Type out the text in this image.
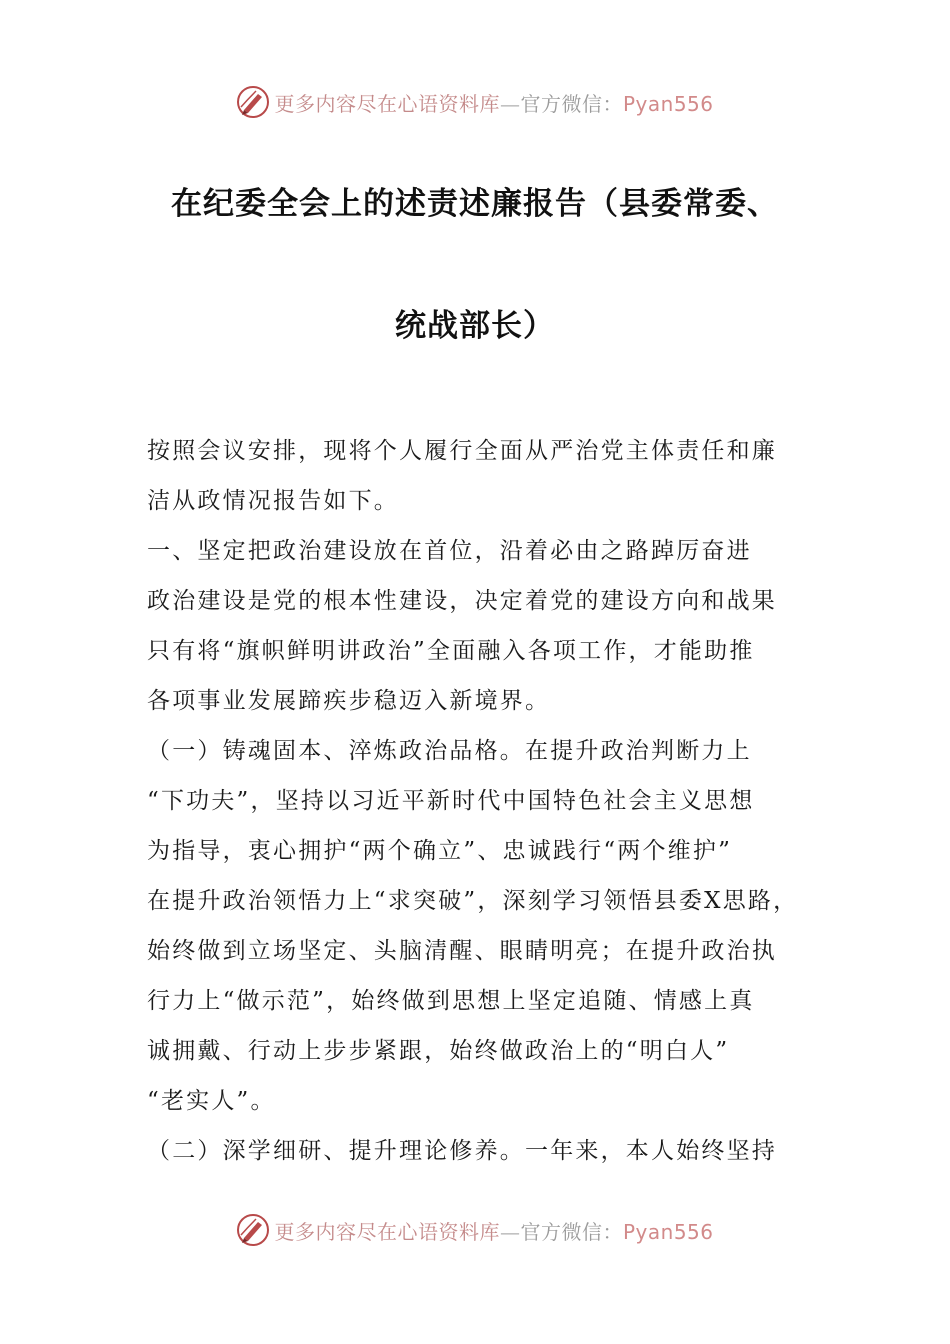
更多内容尽在心语资料库—官方微信：Pyan556
在纪委全会上的述责述廉报告（县委常委、
统战部长）
按照会议安排，现将个人履行全面从严治党主体责任和廉
洁从政情况报告如下。
一、坚定把政治建设放在首位，沿着必由之路踔厉奋进
政治建设是党的根本性建设，决定着党的建设方向和战果
只有将“旗帜鲜明讲政治”全面融入各项工作，才能助推
各项事业发展蹄疾步稳迈入新境界。
（一）铸魂固本、淬炼政治品格。在提升政治判断力上
“下功夫”，坚持以习近平新时代中国特色社会主义思想
为指导，衷心拥护“两个确立”、忠诚践行“两个维护”
在提升政治领悟力上“求突破”，深刻学习领悟县委X思路，
始终做到立场坚定、头脑清醒、眼睛明亮；在提升政治执
行力上“做示范”，始终做到思想上坚定追随、情感上真
诚拥戴、行动上步步紧跟，始终做政治上的“明白人”
“老实人”。
（二）深学细研、提升理论修养。一年来，本人始终坚持
更多内容尽在心语资料库—官方微信：Pyan556
